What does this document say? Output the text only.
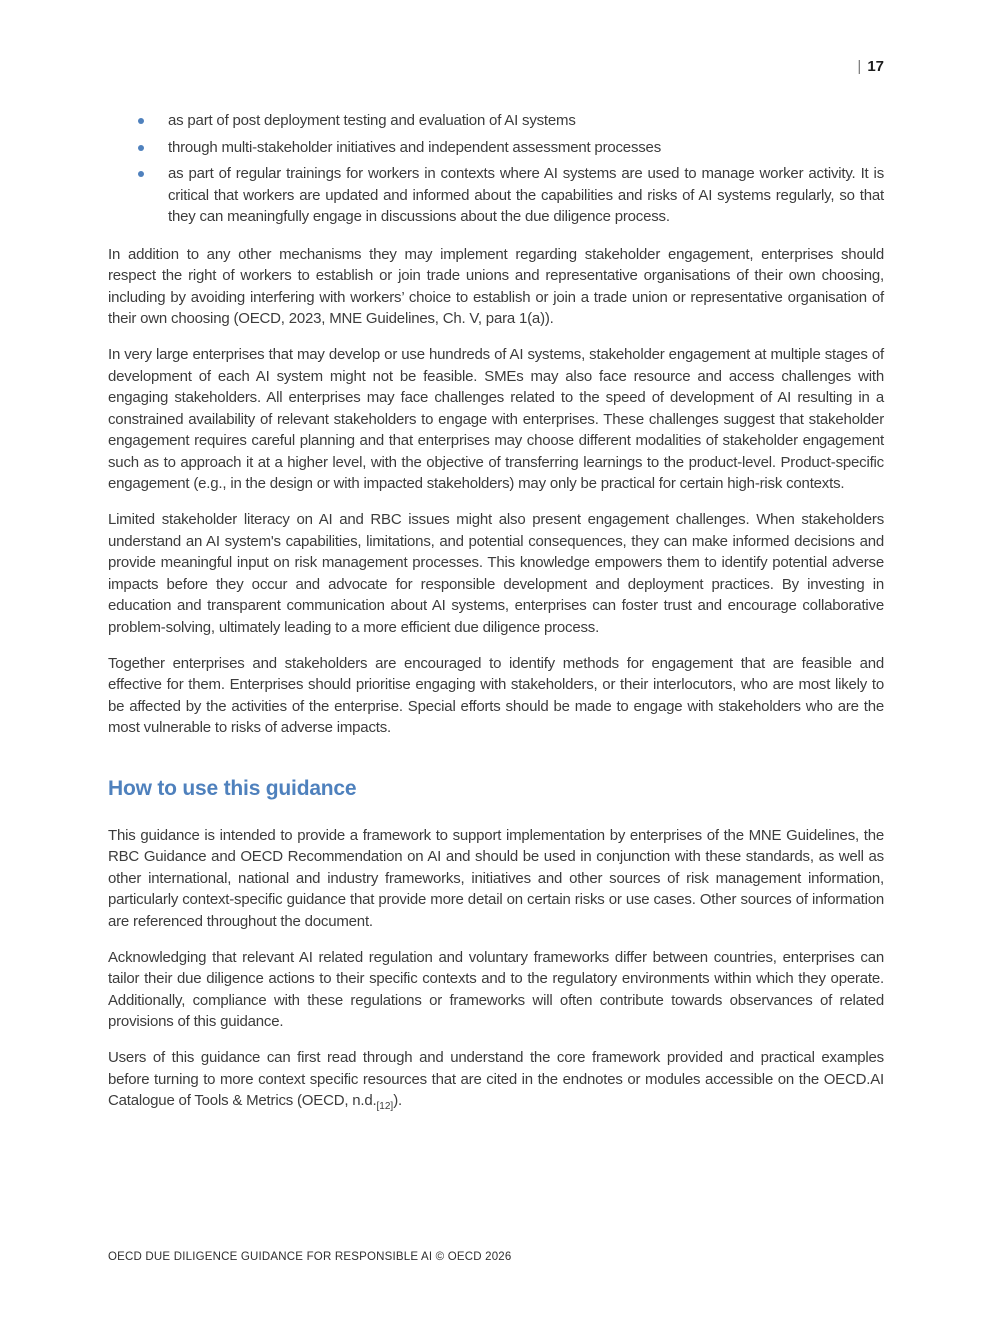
| 17
as part of post deployment testing and evaluation of AI systems
through multi-stakeholder initiatives and independent assessment processes
as part of regular trainings for workers in contexts where AI systems are used to manage worker activity. It is critical that workers are updated and informed about the capabilities and risks of AI systems regularly, so that they can meaningfully engage in discussions about the due diligence process.

In addition to any other mechanisms they may implement regarding stakeholder engagement, enterprises should respect the right of workers to establish or join trade unions and representative organisations of their own choosing, including by avoiding interfering with workers’ choice to establish or join a trade union or representative organisation of their own choosing (OECD, 2023, MNE Guidelines, Ch. V, para 1(a)).

In very large enterprises that may develop or use hundreds of AI systems, stakeholder engagement at multiple stages of development of each AI system might not be feasible. SMEs may also face resource and access challenges with engaging stakeholders. All enterprises may face challenges related to the speed of development of AI resulting in a constrained availability of relevant stakeholders to engage with enterprises. These challenges suggest that stakeholder engagement requires careful planning and that enterprises may choose different modalities of stakeholder engagement such as to approach it at a higher level, with the objective of transferring learnings to the product-level. Product-specific engagement (e.g., in the design or with impacted stakeholders) may only be practical for certain high-risk contexts.

Limited stakeholder literacy on AI and RBC issues might also present engagement challenges. When stakeholders understand an AI system's capabilities, limitations, and potential consequences, they can make informed decisions and provide meaningful input on risk management processes. This knowledge empowers them to identify potential adverse impacts before they occur and advocate for responsible development and deployment practices. By investing in education and transparent communication about AI systems, enterprises can foster trust and encourage collaborative problem-solving, ultimately leading to a more efficient due diligence process.

Together enterprises and stakeholders are encouraged to identify methods for engagement that are feasible and effective for them. Enterprises should prioritise engaging with stakeholders, or their interlocutors, who are most likely to be affected by the activities of the enterprise. Special efforts should be made to engage with stakeholders who are the most vulnerable to risks of adverse impacts.

How to use this guidance

This guidance is intended to provide a framework to support implementation by enterprises of the MNE Guidelines, the RBC Guidance and OECD Recommendation on AI and should be used in conjunction with these standards, as well as other international, national and industry frameworks, initiatives and other sources of risk management information, particularly context-specific guidance that provide more detail on certain risks or use cases. Other sources of information are referenced throughout the document.

Acknowledging that relevant AI related regulation and voluntary frameworks differ between countries, enterprises can tailor their due diligence actions to their specific contexts and to the regulatory environments within which they operate. Additionally, compliance with these regulations or frameworks will often contribute towards observances of related provisions of this guidance.

Users of this guidance can first read through and understand the core framework provided and practical examples before turning to more context specific resources that are cited in the endnotes or modules accessible on the OECD.AI Catalogue of Tools & Metrics (OECD, $n.d._{[12]}$).

OECD DUE DILIGENCE GUIDANCE FOR RESPONSIBLE AI © OECD 2026
